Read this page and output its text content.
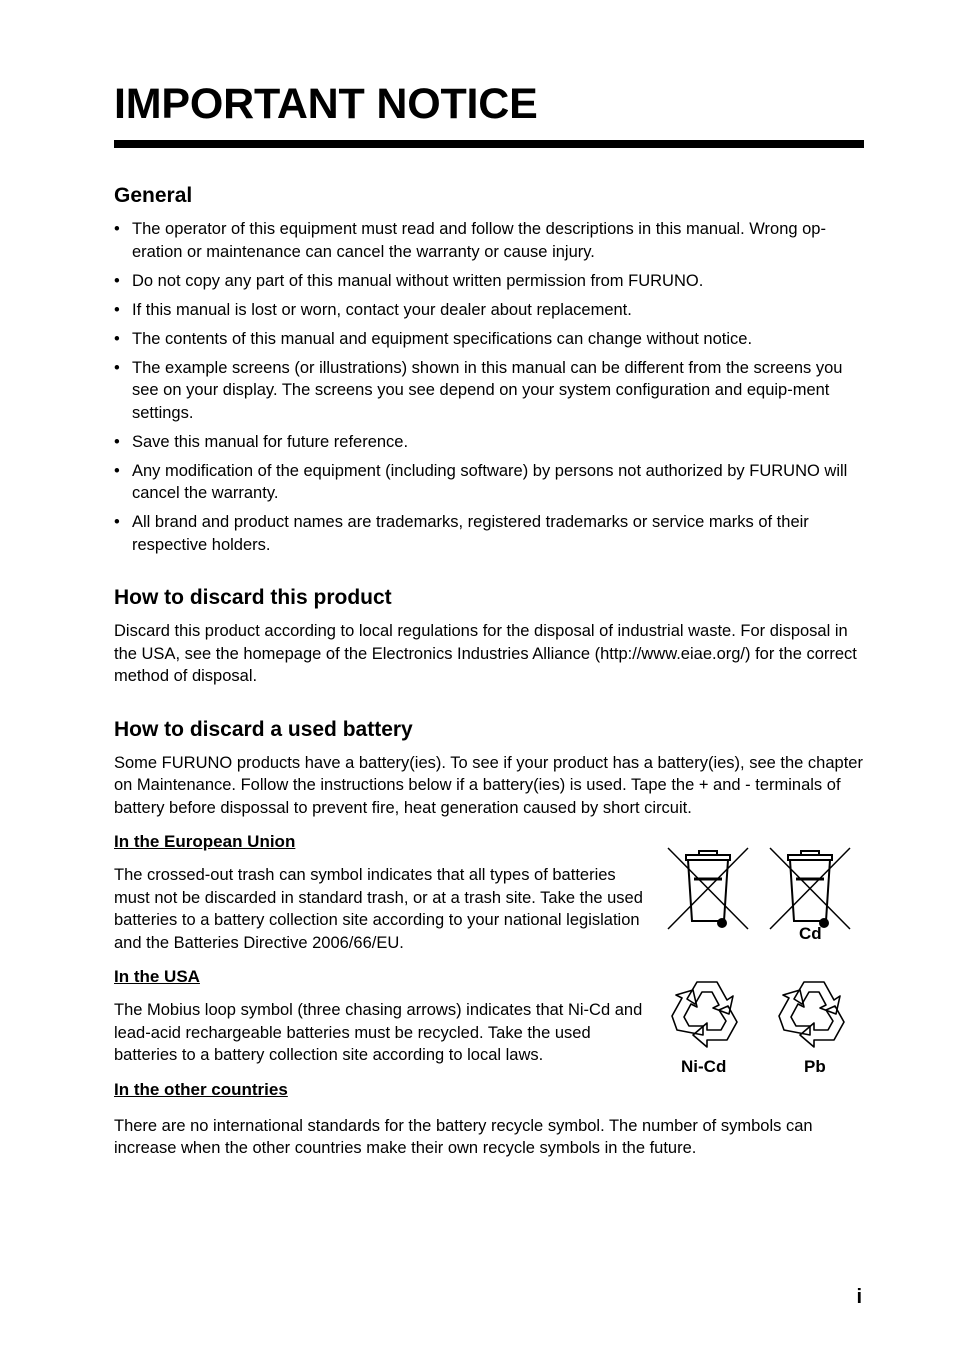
IMPORTANT NOTICE
General
• The operator of this equipment must read and follow the descriptions in this manual. Wrong op-eration or maintenance can cancel the warranty or cause injury.
• Do not copy any part of this manual without written permission from FURUNO.
• If this manual is lost or worn, contact your dealer about replacement.
• The contents of this manual and equipment specifications can change without notice.
• The example screens (or illustrations) shown in this manual can be different from the screens you see on your display. The screens you see depend on your system configuration and equip-ment settings.
• Save this manual for future reference.
• Any modification of the equipment (including software) by persons not authorized by FURUNO will cancel the warranty.
• All brand and product names are trademarks, registered trademarks or service marks of their respective holders.
How to discard this product

Discard this product according to local regulations for the disposal of industrial waste. For disposal in the USA, see the homepage of the Electronics Industries Alliance (http://www.eiae.org/) for the correct method of disposal.

How to discard a used battery

Some FURUNO products have a battery(ies). To see if your product has a battery(ies), see the chapter on Maintenance. Follow the instructions below if a battery(ies) is used. Tape the + and - terminals of battery before dispossal to prevent fire, heat generation caused by short circuit.

In the European Union

The crossed-out trash can symbol indicates that all types of batteries must not be discarded in standard trash, or at a trash site. Take the used batteries to a battery collection site according to your national legislation and the Batteries Directive 2006/66/EU.

In the USA

The Mobius loop symbol (three chasing arrows) indicates that Ni-Cd and lead-acid rechargeable batteries must be recycled. Take the used batteries to a battery collection site according to local laws.

In the other countries

There are no international standards for the battery recycle symbol. The number of symbols can increase when the other countries make their own recycle symbols in the future.

Cd
Ni-Cd	Pb
i
